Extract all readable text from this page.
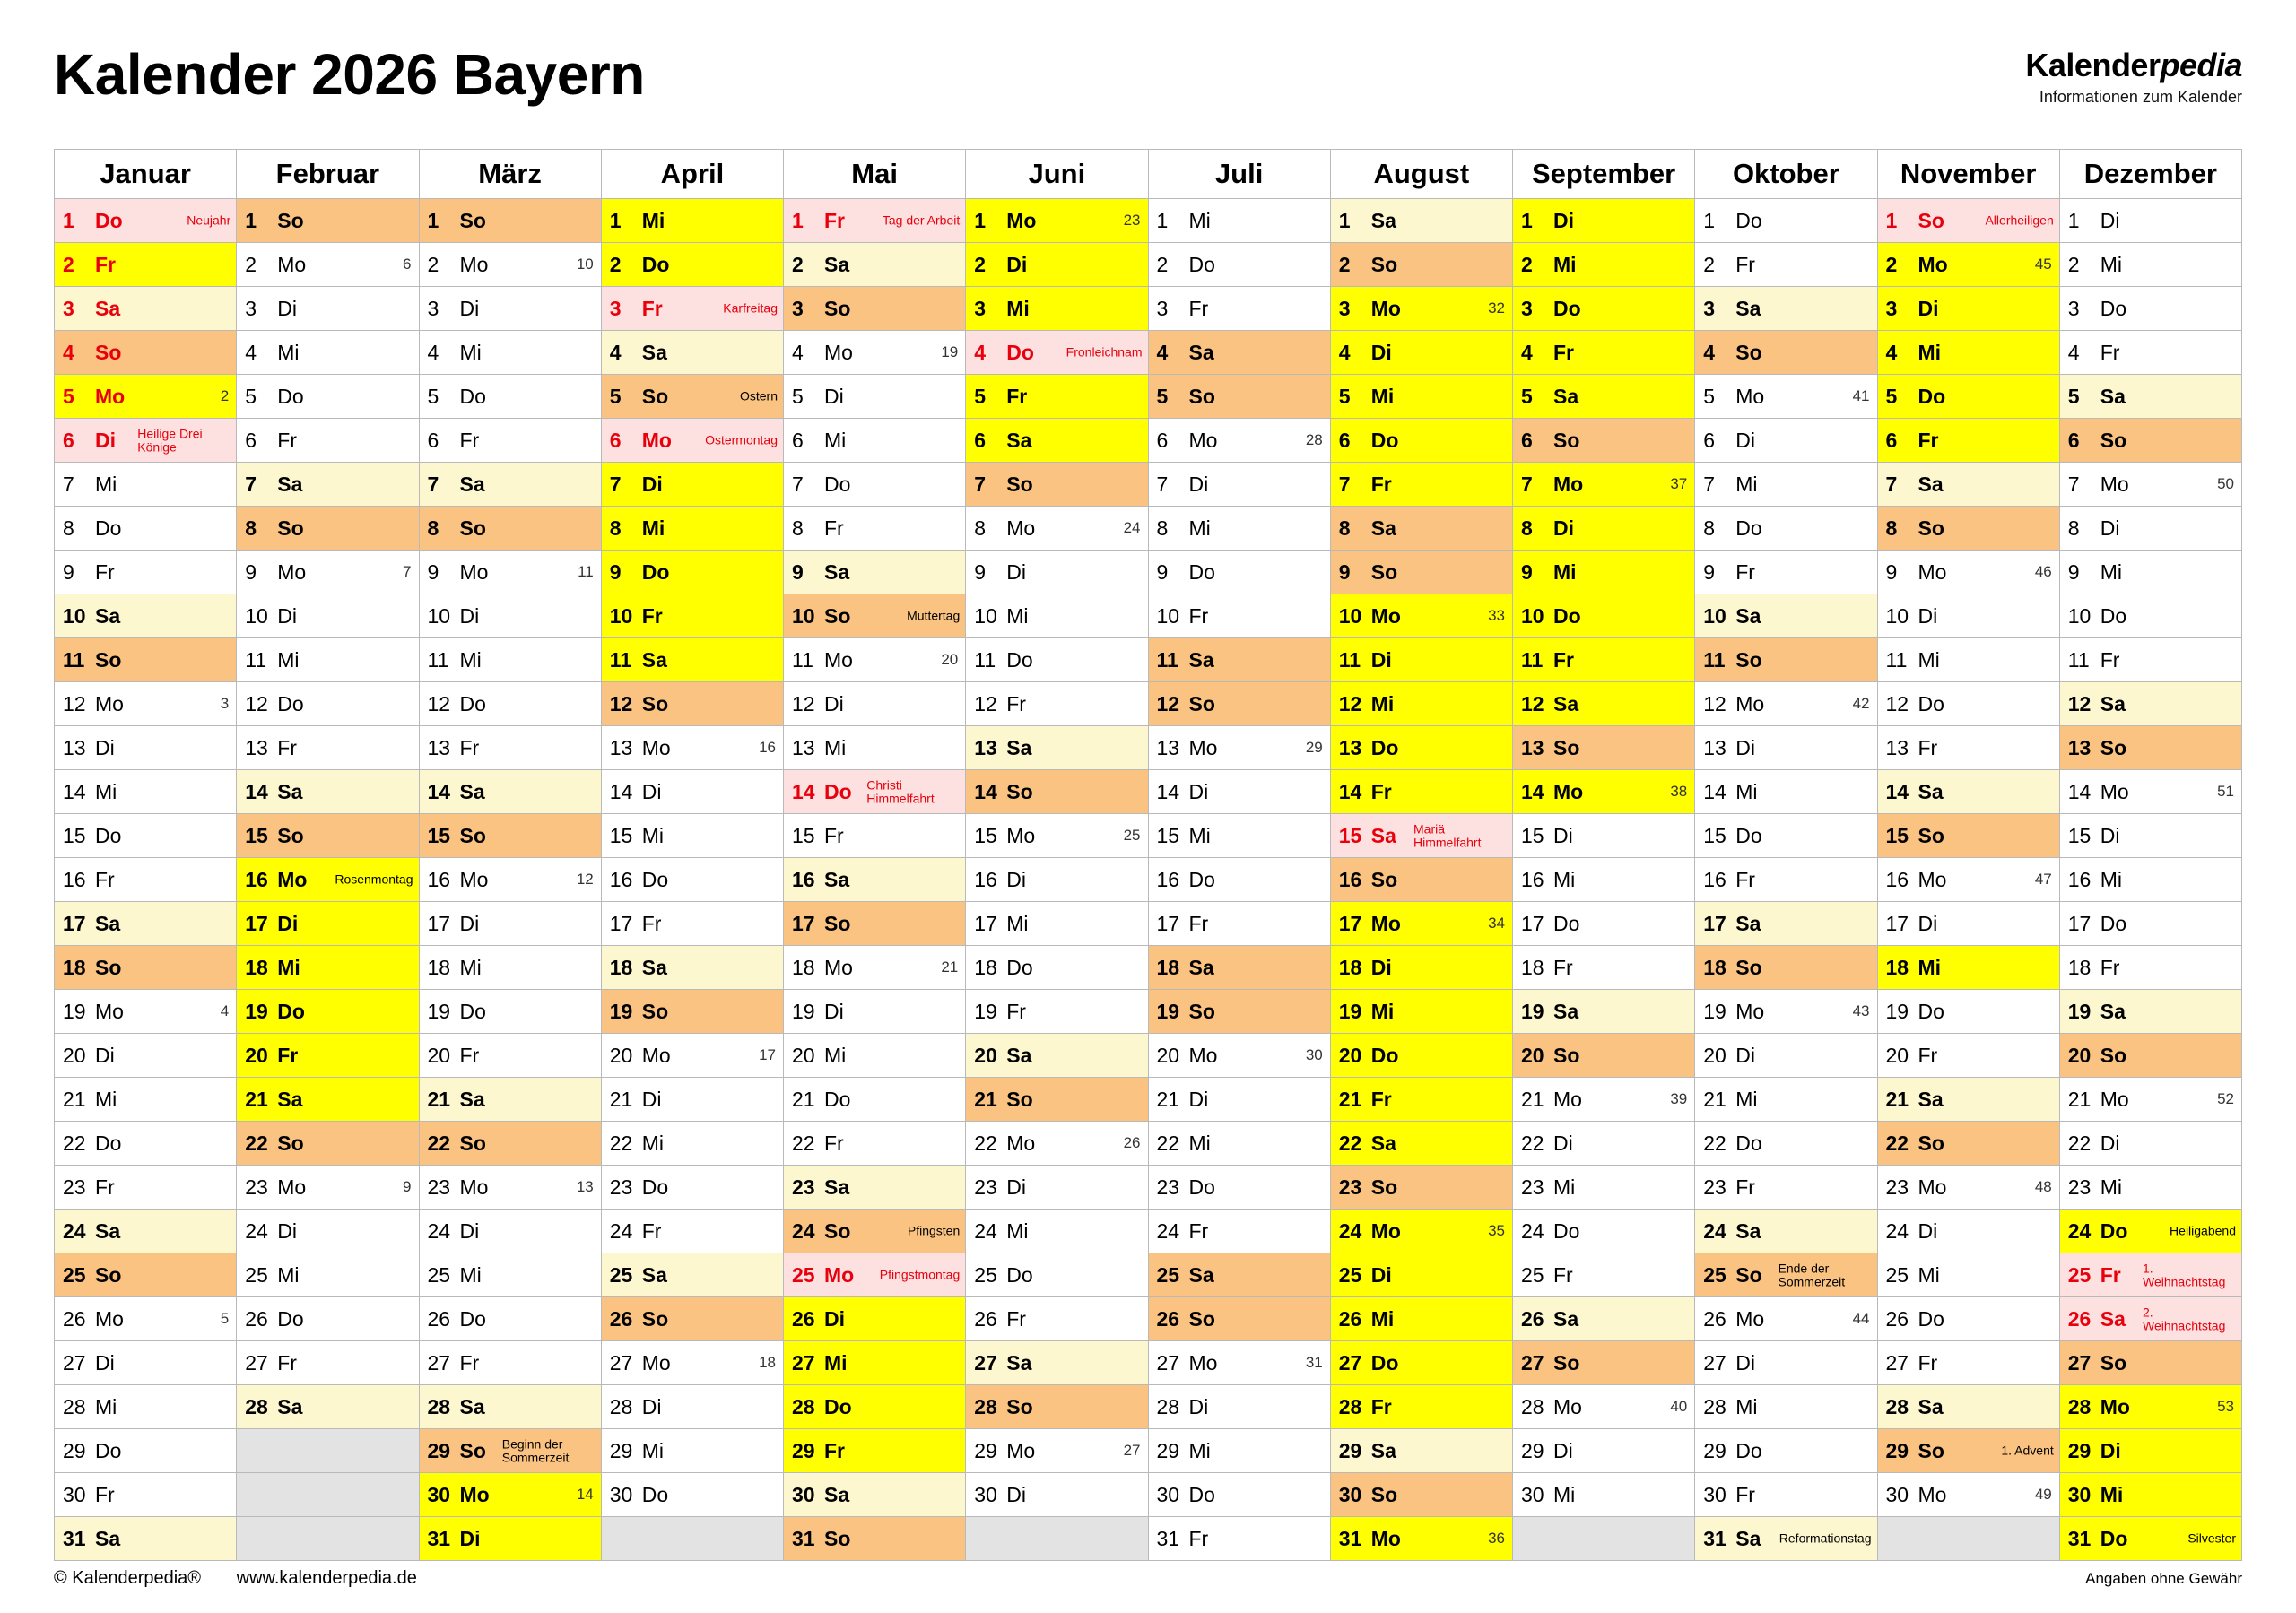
Kalender 2026 Bayern	Kalenderpedia
Informationen zum Kalender
Januar	Februar	März	April	Mai	Juni	Juli	August	September	Oktober	November	Dezember

1 Do Neujahr	1 So	1 So	1 Mi	1 Fr Tag der Arbeit	1 Mo 23	1 Mi	1 Sa	1 Di	1 Do	1 So Allerheiligen	1 Di

2 Fr	2 Mo 6	2 Mo 10	2 Do	2 Sa	2 Di	2 Do	2 So	2 Mi	2 Fr	2 Mo 45	2 Mi

3 Sa	3 Di	3 Di	3 Fr Karfreitag	3 So	3 Mi	3 Fr	3 Mo 32	3 Do	3 Sa	3 Di	3 Do

4 So	4 Mi	4 Mi	4 Sa	4 Mo 19	4 Do Fronleichnam	4 Sa	4 Di	4 Fr	4 So	4 Mi	4 Fr

5 Mo 2	5 Do	5 Do	5 So Ostern	5 Di	5 Fr	5 So	5 Mi	5 Sa	5 Mo 41	5 Do	5 Sa

6 Di Heilige Drei Könige	6 Fr	6 Fr	6 Mo Ostermontag	6 Mi	6 Sa	6 Mo 28	6 Do	6 So	6 Di	6 Fr	6 So

7 Mi	7 Sa	7 Sa	7 Di	7 Do	7 So	7 Di	7 Fr	7 Mo 37	7 Mi	7 Sa	7 Mo 50

8 Do	8 So	8 So	8 Mi	8 Fr	8 Mo 24	8 Mi	8 Sa	8 Di	8 Do	8 So	8 Di

9 Fr	9 Mo 7	9 Mo 11	9 Do	9 Sa	9 Di	9 Do	9 So	9 Mi	9 Fr	9 Mo 46	9 Mi

10 Sa	10 Di	10 Di	10 Fr	10 So Muttertag	10 Mi	10 Fr	10 Mo 33	10 Do	10 Sa	10 Di	10 Do

11 So	11 Mi	11 Mi	11 Sa	11 Mo 20	11 Do	11 Sa	11 Di	11 Fr	11 So	11 Mi	11 Fr

12 Mo 3	12 Do	12 Do	12 So	12 Di	12 Fr	12 So	12 Mi	12 Sa	12 Mo 42	12 Do	12 Sa

13 Di	13 Fr	13 Fr	13 Mo 16	13 Mi	13 Sa	13 Mo 29	13 Do	13 So	13 Di	13 Fr	13 So

14 Mi	14 Sa	14 Sa	14 Di	14 Do Christi Himmelfahrt	14 So	14 Di	14 Fr	14 Mo 38	14 Mi	14 Sa	14 Mo 51

15 Do	15 So	15 So	15 Mi	15 Fr	15 Mo 25	15 Mi	15 Sa Mariä Himmelfahrt	15 Di	15 Do	15 So	15 Di

16 Fr	16 Mo Rosenmontag	16 Mo 12	16 Do	16 Sa	16 Di	16 Do	16 So	16 Mi	16 Fr	16 Mo 47	16 Mi

17 Sa	17 Di	17 Di	17 Fr	17 So	17 Mi	17 Fr	17 Mo 34	17 Do	17 Sa	17 Di	17 Do

18 So	18 Mi	18 Mi	18 Sa	18 Mo 21	18 Do	18 Sa	18 Di	18 Fr	18 So	18 Mi	18 Fr

19 Mo 4	19 Do	19 Do	19 So	19 Di	19 Fr	19 So	19 Mi	19 Sa	19 Mo 43	19 Do	19 Sa

20 Di	20 Fr	20 Fr	20 Mo 17	20 Mi	20 Sa	20 Mo 30	20 Do	20 So	20 Di	20 Fr	20 So

21 Mi	21 Sa	21 Sa	21 Di	21 Do	21 So	21 Di	21 Fr	21 Mo 39	21 Mi	21 Sa	21 Mo 52

22 Do	22 So	22 So	22 Mi	22 Fr	22 Mo 26	22 Mi	22 Sa	22 Di	22 Do	22 So	22 Di

23 Fr	23 Mo 9	23 Mo 13	23 Do	23 Sa	23 Di	23 Do	23 So	23 Mi	23 Fr	23 Mo 48	23 Mi

24 Sa	24 Di	24 Di	24 Fr	24 So Pfingsten	24 Mi	24 Fr	24 Mo 35	24 Do	24 Sa	24 Di	24 Do Heiligabend

25 So	25 Mi	25 Mi	25 Sa	25 Mo Pfingstmontag	25 Do	25 Sa	25 Di	25 Fr	25 So Ende der Sommerzeit	25 Mi	25 Fr 1. Weihnachtstag

26 Mo 5	26 Do	26 Do	26 So	26 Di	26 Fr	26 So	26 Mi	26 Sa	26 Mo 44	26 Do	26 Sa 2. Weihnachtstag

27 Di	27 Fr	27 Fr	27 Mo 18	27 Mi	27 Sa	27 Mo 31	27 Do	27 So	27 Di	27 Fr	27 So

28 Mi	28 Sa	28 Sa	28 Di	28 Do	28 So	28 Di	28 Fr	28 Mo 40	28 Mi	28 Sa	28 Mo 53

29 Do		29 So Beginn der Sommerzeit	29 Mi	29 Fr	29 Mo 27	29 Mi	29 Sa	29 Di	29 Do	29 So 1. Advent	29 Di

30 Fr		30 Mo 14	30 Do	30 Sa	30 Di	30 Do	30 So	30 Mi	30 Fr	30 Mo 49	30 Mi

31 Sa		31 Di		31 So		31 Fr	31 Mo 36		31 Sa Reformationstag		31 Do Silvester
© Kalenderpedia® www.kalenderpedia.de	Angaben ohne Gewähr
